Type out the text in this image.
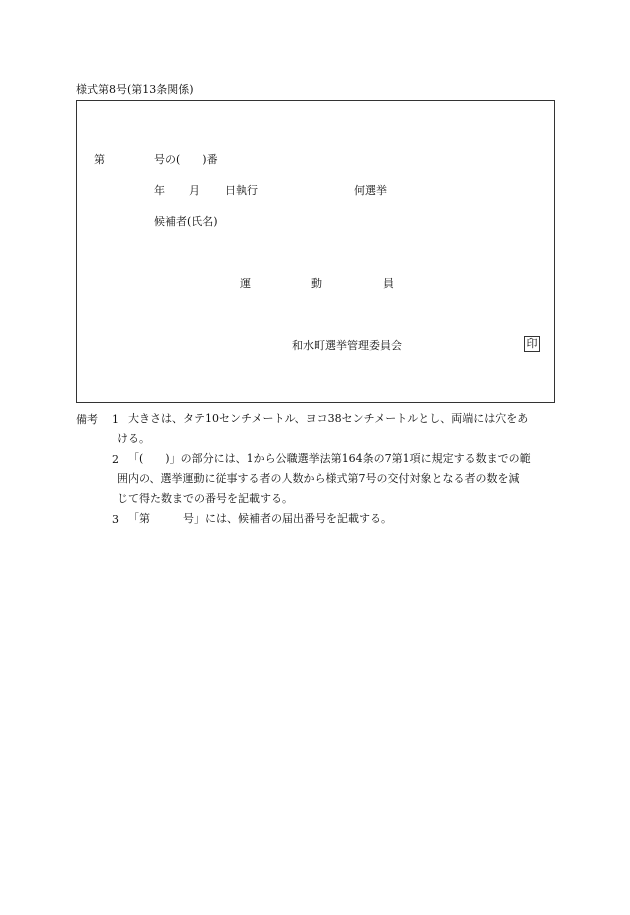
様式第8号(第13条関係)
第	号の(　　)番
年 月 日執行	何選挙
候補者(氏名)
運	動	員
和水町選挙管理委員会	印
備考 1 大きさは、タテ10センチメートル、ヨコ38センチメートルとし、両端には穴をあ
ける。
2 「(　　)」の部分には、1から公職選挙法第164条の7第1項に規定する数までの範
囲内の、選挙運動に従事する者の人数から様式第7号の交付対象となる者の数を減
じて得た数までの番号を記載する。
3 「第　　　号」には、候補者の届出番号を記載する。
